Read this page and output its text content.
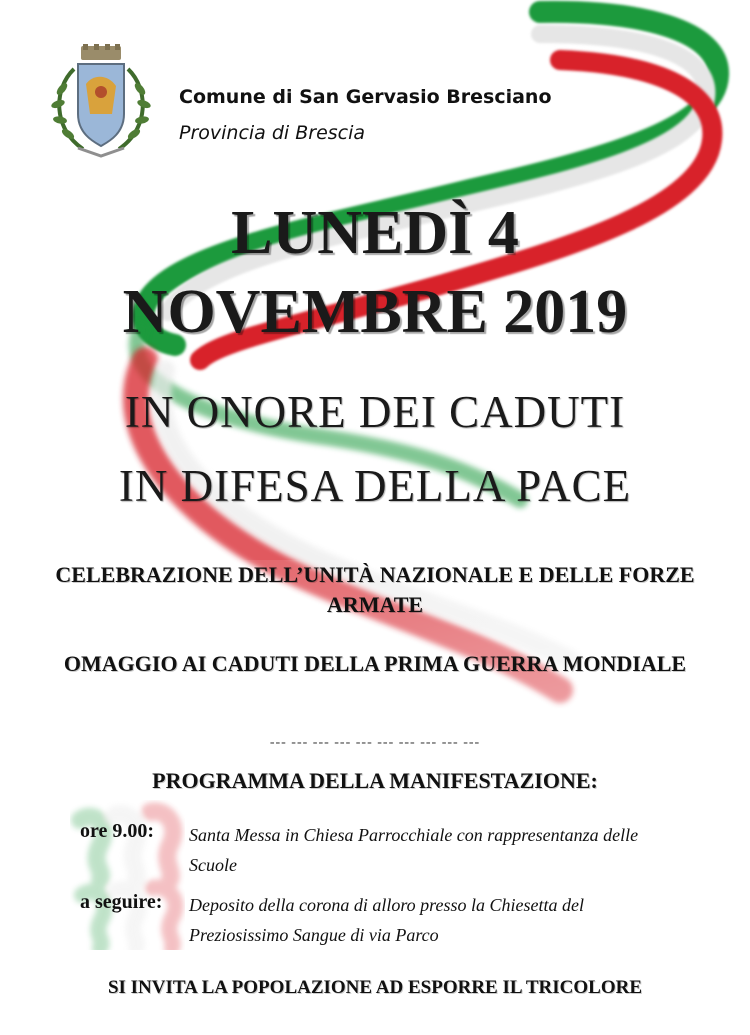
Comune di San Gervasio Bresciano
Provincia di Brescia
LUNEDÌ 4
NOVEMBRE 2019
IN ONORE DEI CADUTI
IN DIFESA DELLA PACE
CELEBRAZIONE DELL’UNITÀ NAZIONALE E DELLE FORZE ARMATE
OMAGGIO AI CADUTI DELLA PRIMA GUERRA MONDIALE
--- --- --- --- --- --- --- --- --- ---
PROGRAMMA DELLA MANIFESTAZIONE:
ore 9.00: Santa Messa in Chiesa Parrocchiale con rappresentanza delle Scuole
a seguire: Deposito della corona di alloro presso la Chiesetta del Preziosissimo Sangue di via Parco
SI INVITA LA POPOLAZIONE AD ESPORRE IL TRICOLORE
